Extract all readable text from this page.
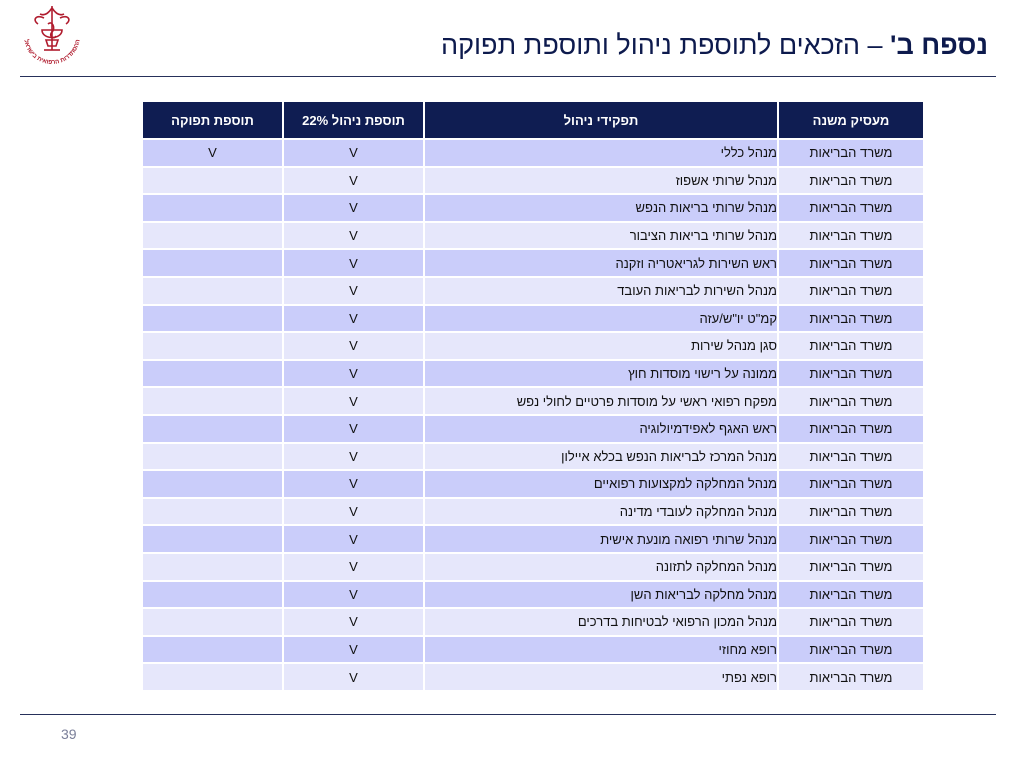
ההסתדרות הרפואית בישראל	נספח ב' – הזכאים לתוספת ניהול ותוספת תפוקה
מעסיק משנה	תפקידי ניהול	תוספת ניהול 22%	תוספת תפוקה
משרד הבריאות	מנהל כללי	V	V
משרד הבריאות	מנהל שרותי אשפוז	V	
משרד הבריאות	מנהל שרותי בריאות הנפש	V	
משרד הבריאות	מנהל שרותי בריאות הציבור	V	
משרד הבריאות	ראש השירות לגריאטריה וזקנה	V	
משרד הבריאות	מנהל השירות לבריאות העובד	V	
משרד הבריאות	קמ"ט יו"ש/עזה	V	
משרד הבריאות	סגן מנהל שירות	V	
משרד הבריאות	ממונה על רישוי מוסדות חוץ	V	
משרד הבריאות	מפקח רפואי ראשי על מוסדות פרטיים לחולי נפש	V	
משרד הבריאות	ראש האגף לאפידמיולוגיה	V	
משרד הבריאות	מנהל המרכז לבריאות הנפש בכלא איילון	V	
משרד הבריאות	מנהל המחלקה למקצועות רפואיים	V	
משרד הבריאות	מנהל המחלקה לעובדי מדינה	V	
משרד הבריאות	מנהל שרותי רפואה מונעת אישית	V	
משרד הבריאות	מנהל המחלקה לתזונה	V	
משרד הבריאות	מנהל מחלקה לבריאות השן	V	
משרד הבריאות	מנהל המכון הרפואי לבטיחות בדרכים	V	
משרד הבריאות	רופא מחוזי	V	
משרד הבריאות	רופא נפתי	V	
39
